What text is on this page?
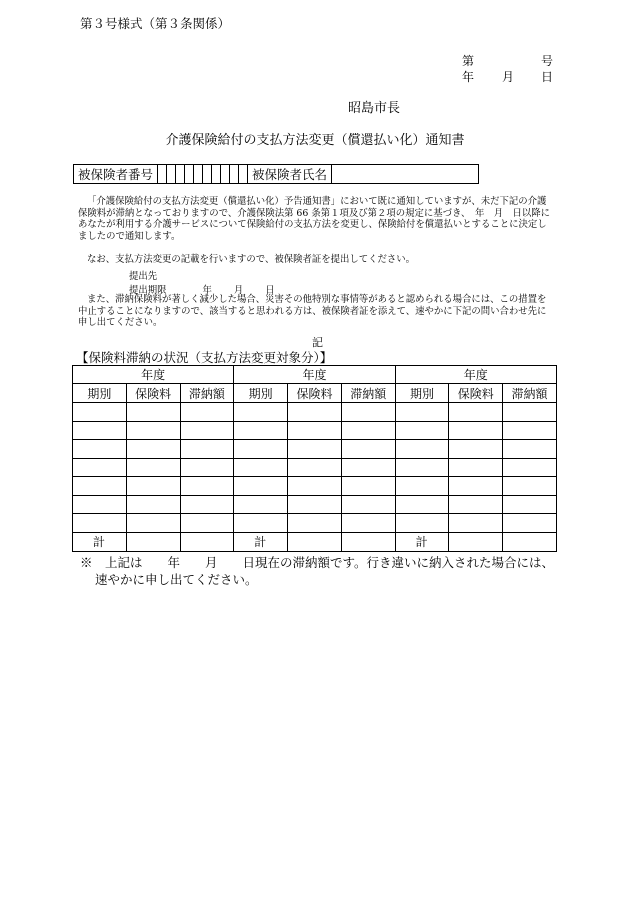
第３号様式（第３条関係）
第	号
年 月 日
昭島市長
介護保険給付の支払方法変更（償還払い化）通知書
被保険者番号											被保険者氏名	
「介護保険給付の支払方法変更（償還払い化）予告通知書」において既に通知していますが、未だ下記の介護保険料が滞納となっておりますので、介護保険法第 66 条第１項及び第２項の規定に基づき、　年　月　日以降にあなたが利用する介護サービスについて保険給付の支払方法を変更し、保険給付を償還払いとすることに決定しましたので通知します。
なお、支払方法変更の記載を行いますので、被保険者証を提出してください。
提出先
提出期限	年 月 日
また、滞納保険料が著しく減少した場合、災害その他特別な事情等があると認められる場合には、この措置を中止することになりますので、該当すると思われる方は、被保険者証を添えて、速やかに下記の問い合わせ先に申し出てください。
記
【保険料滞納の状況（支払方法変更対象分）】
年度			年度			年度		
期別	保険料	滞納額	期別	保険料	滞納額	期別	保険料	滞納額

計			計			計		
※　上記は　　年　　月　　日現在の滞納額です。行き違いに納入された場合には、
速やかに申し出てください。
